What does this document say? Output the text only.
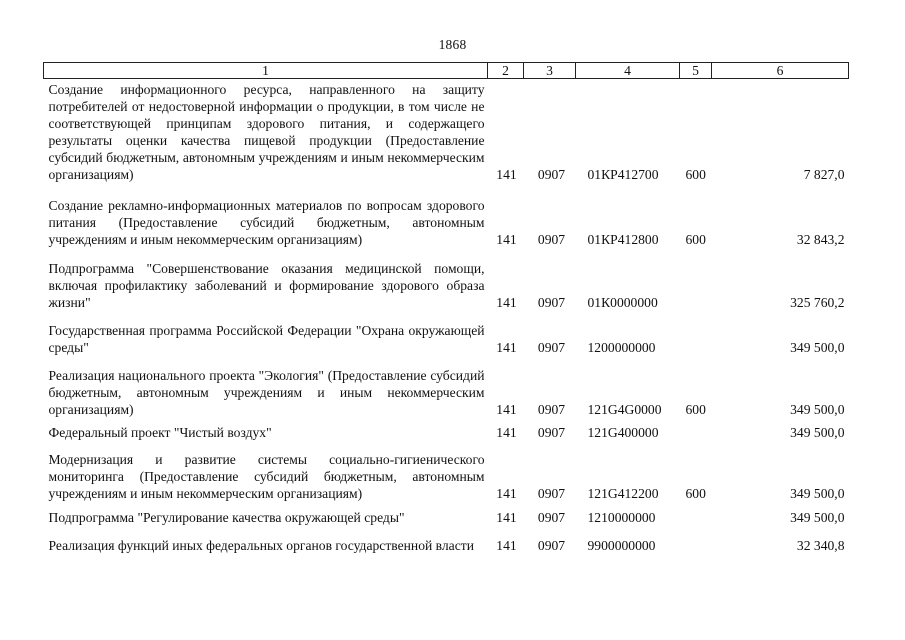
1868
1	2	3	4	5	6
Создание информационного ресурса, направленного на защиту потребителей от недостоверной информации о продукции, в том числе не соответствующей принципам здорового питания, и содержащего результаты оценки качества пищевой продукции (Предоставление субсидий бюджетным, автономным учреждениям и иным некоммерческим организациям)	141	0907	01КР412700	600	7 827,0
Создание рекламно-информационных материалов по вопросам здорового питания (Предоставление субсидий бюджетным, автономным учреждениям и иным некоммерческим организациям)	141	0907	01КР412800	600	32 843,2
Подпрограмма "Совершенствование оказания медицинской помощи, включая профилактику заболеваний и формирование здорового образа жизни"	141	0907	01К0000000		325 760,2
Государственная программа Российской Федерации "Охрана окружающей среды"	141	0907	1200000000		349 500,0
Реализация национального проекта "Экология" (Предоставление субсидий бюджетным, автономным учреждениям и иным некоммерческим организациям)	141	0907	121G4G0000	600	349 500,0
Федеральный проект "Чистый воздух"	141	0907	121G400000		349 500,0
Модернизация и развитие системы социально-гигиенического мониторинга (Предоставление субсидий бюджетным, автономным учреждениям и иным некоммерческим организациям)	141	0907	121G412200	600	349 500,0
Подпрограмма "Регулирование качества окружающей среды"	141	0907	1210000000		349 500,0
Реализация функций иных федеральных органов государственной власти	141	0907	9900000000		32 340,8
